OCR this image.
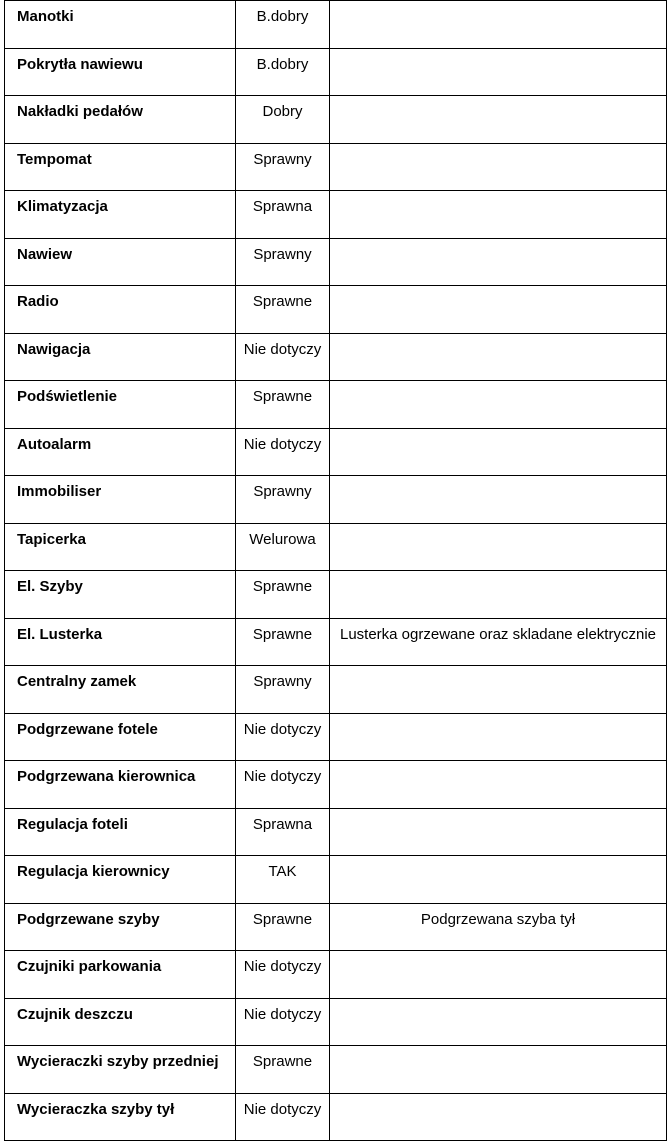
Manotki	B.dobry	

Pokrytła nawiewu	B.dobry	

Nakładki pedałów	Dobry	

Tempomat	Sprawny	

Klimatyzacja	Sprawna	

Nawiew	Sprawny	

Radio	Sprawne	

Nawigacja	Nie dotyczy	

Podświetlenie	Sprawne	

Autoalarm	Nie dotyczy	

Immobiliser	Sprawny	

Tapicerka	Welurowa	

El. Szyby	Sprawne	

El. Lusterka	Sprawne	Lusterka ogrzewane oraz skladane elektrycznie

Centralny zamek	Sprawny	

Podgrzewane fotele	Nie dotyczy	

Podgrzewana kierownica	Nie dotyczy	

Regulacja foteli	Sprawna	

Regulacja kierownicy	TAK	

Podgrzewane szyby	Sprawne	Podgrzewana szyba tył

Czujniki parkowania	Nie dotyczy	

Czujnik deszczu	Nie dotyczy	

Wycieraczki szyby przedniej	Sprawne	

Wycieraczka szyby tył	Nie dotyczy	
